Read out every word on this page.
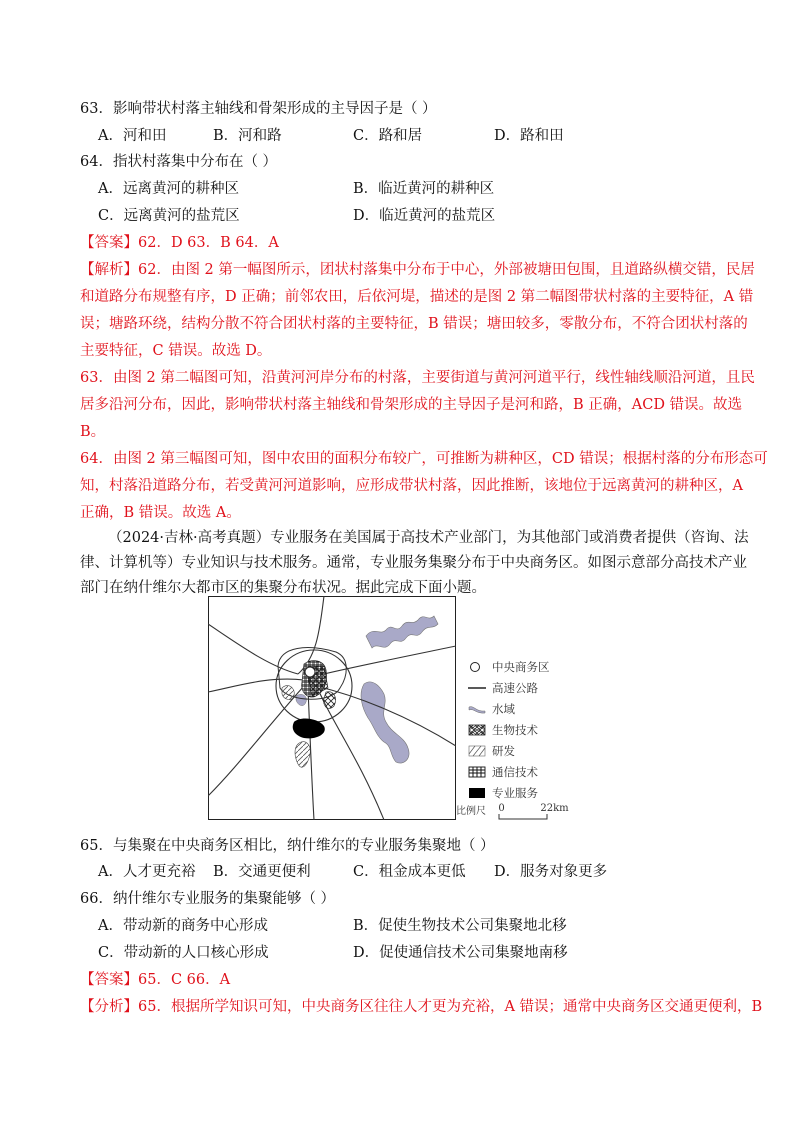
63．影响带状村落主轴线和骨架形成的主导因子是（ ）
A．河和田	B．河和路	C．路和居	D．路和田
64．指状村落集中分布在（ ）
A．远离黄河的耕种区	B．临近黄河的耕种区
C．远离黄河的盐荒区	D．临近黄河的盐荒区
【答案】62．D 63．B 64．A
【解析】62．由图 2 第一幅图所示，团状村落集中分布于中心，外部被塘田包围，且道路纵横交错，民居
和道路分布规整有序，D 正确；前邻农田，后依河堤，描述的是图 2 第二幅图带状村落的主要特征，A 错
误；塘路环绕，结构分散不符合团状村落的主要特征，B 错误；塘田较多，零散分布，不符合团状村落的
主要特征，C 错误。故选 D。
63．由图 2 第二幅图可知，沿黄河河岸分布的村落，主要街道与黄河河道平行，线性轴线顺沿河道，且民
居多沿河分布，因此，影响带状村落主轴线和骨架形成的主导因子是河和路，B 正确，ACD 错误。故选
B。
64．由图 2 第三幅图可知，图中农田的面积分布较广，可推断为耕种区，CD 错误；根据村落的分布形态可
知，村落沿道路分布，若受黄河河道影响，应形成带状村落，因此推断，该地位于远离黄河的耕种区，A
正确，B 错误。故选 A。
（2024·吉林·高考真题）专业服务在美国属于高技术产业部门，为其他部门或消费者提供（咨询、法
律、计算机等）专业知识与技术服务。通常，专业服务集聚分布于中央商务区。如图示意部分高技术产业
部门在纳什维尔大都市区的集聚分布状况。据此完成下面小题。
中央商务区
高速公路
水域
生物技术
研发
通信技术
专业服务
比例尺 0	22km
65．与集聚在中央商务区相比，纳什维尔的专业服务集聚地（ ）
A．人才更充裕 B．交通更便利	C．租金成本更低 D．服务对象更多
66．纳什维尔专业服务的集聚能够（ ）
A．带动新的商务中心形成	B．促使生物技术公司集聚地北移
C．带动新的人口核心形成	D．促使通信技术公司集聚地南移
【答案】65．C 66．A
【分析】65．根据所学知识可知，中央商务区往往人才更为充裕，A 错误；通常中央商务区交通更便利，B
